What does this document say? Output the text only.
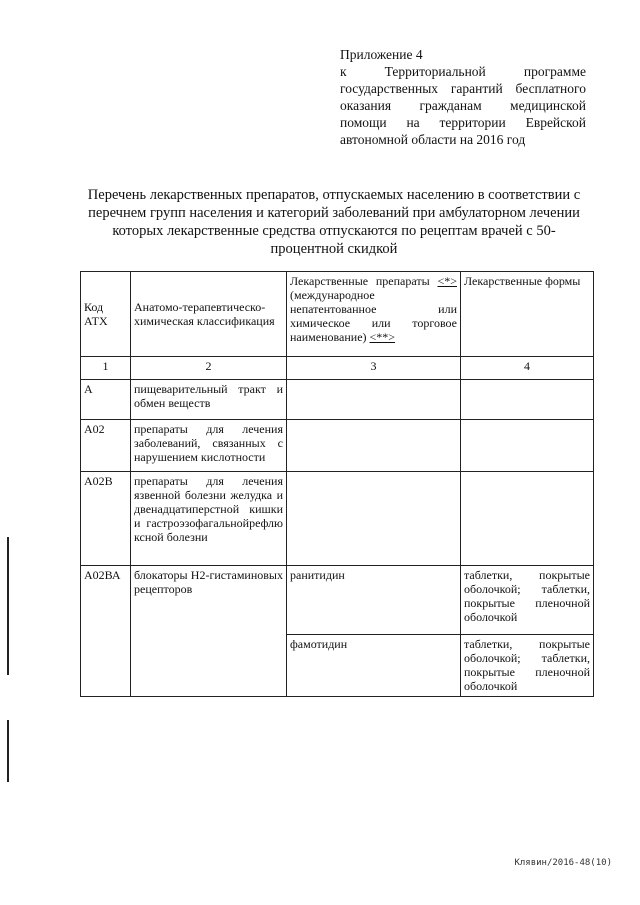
Приложение 4
к Территориальной программе государственных гарантий бесплатного оказания гражданам медицинской помощи на территории Еврейской автономной области на 2016 год
Перечень лекарственных препаратов, отпускаемых населению в соответствии с перечнем групп населения и категорий заболеваний при амбулаторном лечении которых лекарственные средства отпускаются по рецептам врачей с 50-процентной скидкой
Код АТХ	Анатомо-терапевтическо-химическая классификация	Лекарственные препараты <*> (международное непатентованное или химическое или торговое наименование) <**>	Лекарственные формы
1	2	3	4
А	пищеварительный тракт и обмен веществ		
А02	препараты для лечения заболеваний, связанных с нарушением кислотности		
А02В	препараты для лечения язвенной болезни желудка и двенадцатиперстной кишки и гастроэзофагальнойрефлю ксной болезни		
А02ВА	блокаторы Н2-гистаминовых рецепторов	ранитидин	таблетки, покрытые оболочкой; таблетки, покрытые пленочной оболочкой
		фамотидин	таблетки, покрытые оболочкой; таблетки, покрытые пленочной оболочкой
Клявин/2016-48(10)
